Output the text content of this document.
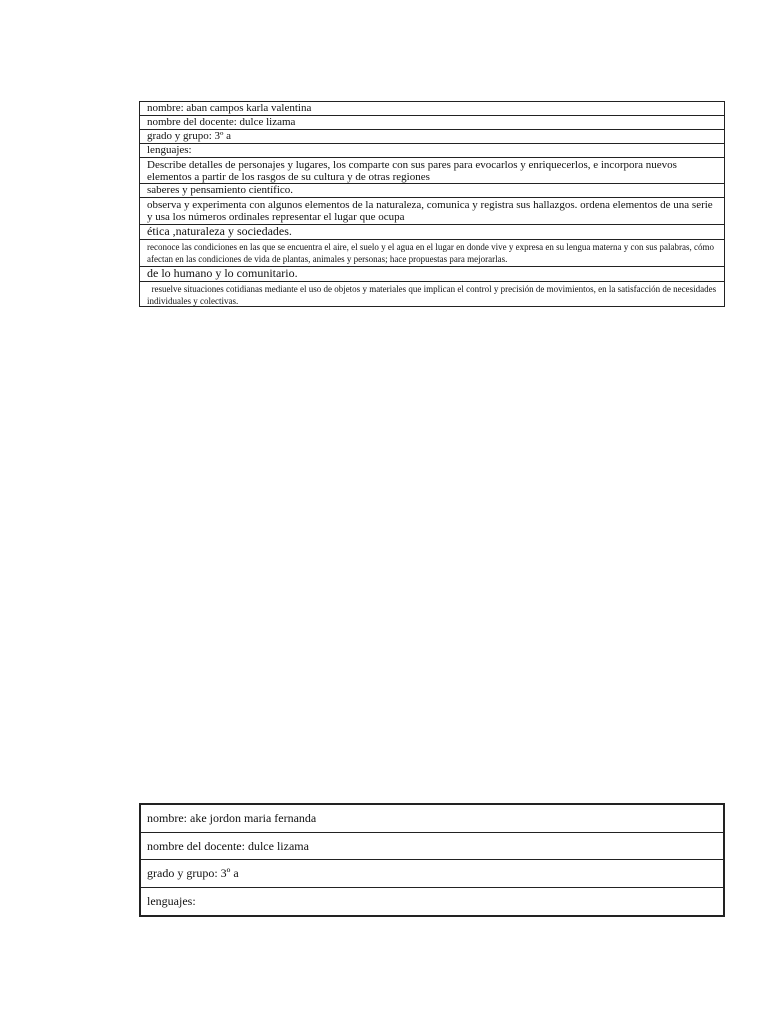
nombre: aban campos karla valentina
nombre del docente: dulce lizama
grado y grupo: 3º a
lenguajes:
Describe detalles de personajes y lugares, los comparte con sus pares para evocarlos y enriquecerlos, e incorpora nuevos elementos a partir de los rasgos de su cultura y de otras regiones
saberes y pensamiento científico.
observa y experimenta con algunos elementos de la naturaleza, comunica y registra sus hallazgos. ordena elementos de una serie y usa los números ordinales representar el lugar que ocupa
ética ,naturaleza y sociedades.
reconoce las condiciones en las que se encuentra el aire, el suelo y el agua en el lugar en donde vive y expresa en su lengua materna y con sus palabras, cómo afectan en las condiciones de vida de plantas, animales y personas; hace propuestas para mejorarlas.
de lo humano y lo comunitario.
resuelve situaciones cotidianas mediante el uso de objetos y materiales que implican el control y precisión de movimientos, en la satisfacción de necesidades individuales y colectivas.
nombre: ake jordon maria fernanda
nombre del docente: dulce lizama
grado y grupo: 3º a
lenguajes:
